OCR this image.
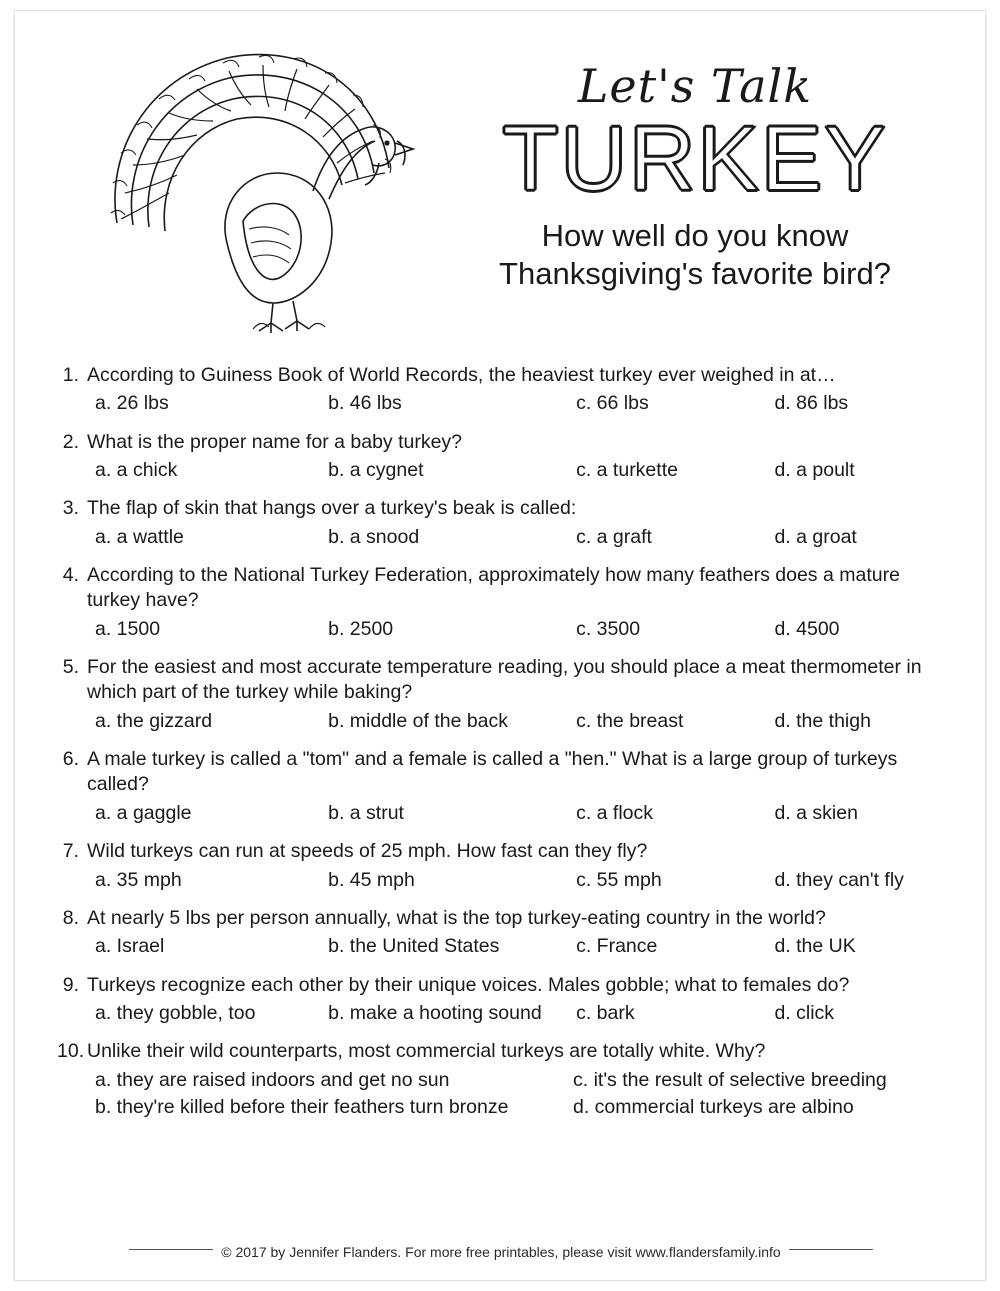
Let's Talk
TURKEY
How well do you know
Thanksgiving's favorite bird?
1. According to Guiness Book of World Records, the heaviest turkey ever weighed in at…
a. 26 lbs	b. 46 lbs	c. 66 lbs	d. 86 lbs
2. What is the proper name for a baby turkey?
a. a chick	b. a cygnet	c. a turkette	d. a poult
3. The flap of skin that hangs over a turkey's beak is called:
a. a wattle	b. a snood	c. a graft	d. a groat
4. According to the National Turkey Federation, approximately how many feathers does a mature turkey have?
a. 1500	b. 2500	c. 3500	d. 4500
5. For the easiest and most accurate temperature reading, you should place a meat thermometer in which part of the turkey while baking?
a. the gizzard	b. middle of the back	c. the breast	d. the thigh
6. A male turkey is called a "tom" and a female is called a "hen." What is a large group of turkeys called?
a. a gaggle	b. a strut	c. a flock	d. a skien
7. Wild turkeys can run at speeds of 25 mph. How fast can they fly?
a. 35 mph	b. 45 mph	c. 55 mph	d. they can't fly
8. At nearly 5 lbs per person annually, what is the top turkey-eating country in the world?
a. Israel	b. the United States	c. France	d. the UK
9. Turkeys recognize each other by their unique voices. Males gobble; what to females do?
a. they gobble, too	b. make a hooting sound	c. bark	d. click
10. Unlike their wild counterparts, most commercial turkeys are totally white. Why?
a. they are raised indoors and get no sun	c. it's the result of selective breeding
b. they're killed before their feathers turn bronze	d. commercial turkeys are albino
© 2017 by Jennifer Flanders. For more free printables, please visit www.flandersfamily.info
